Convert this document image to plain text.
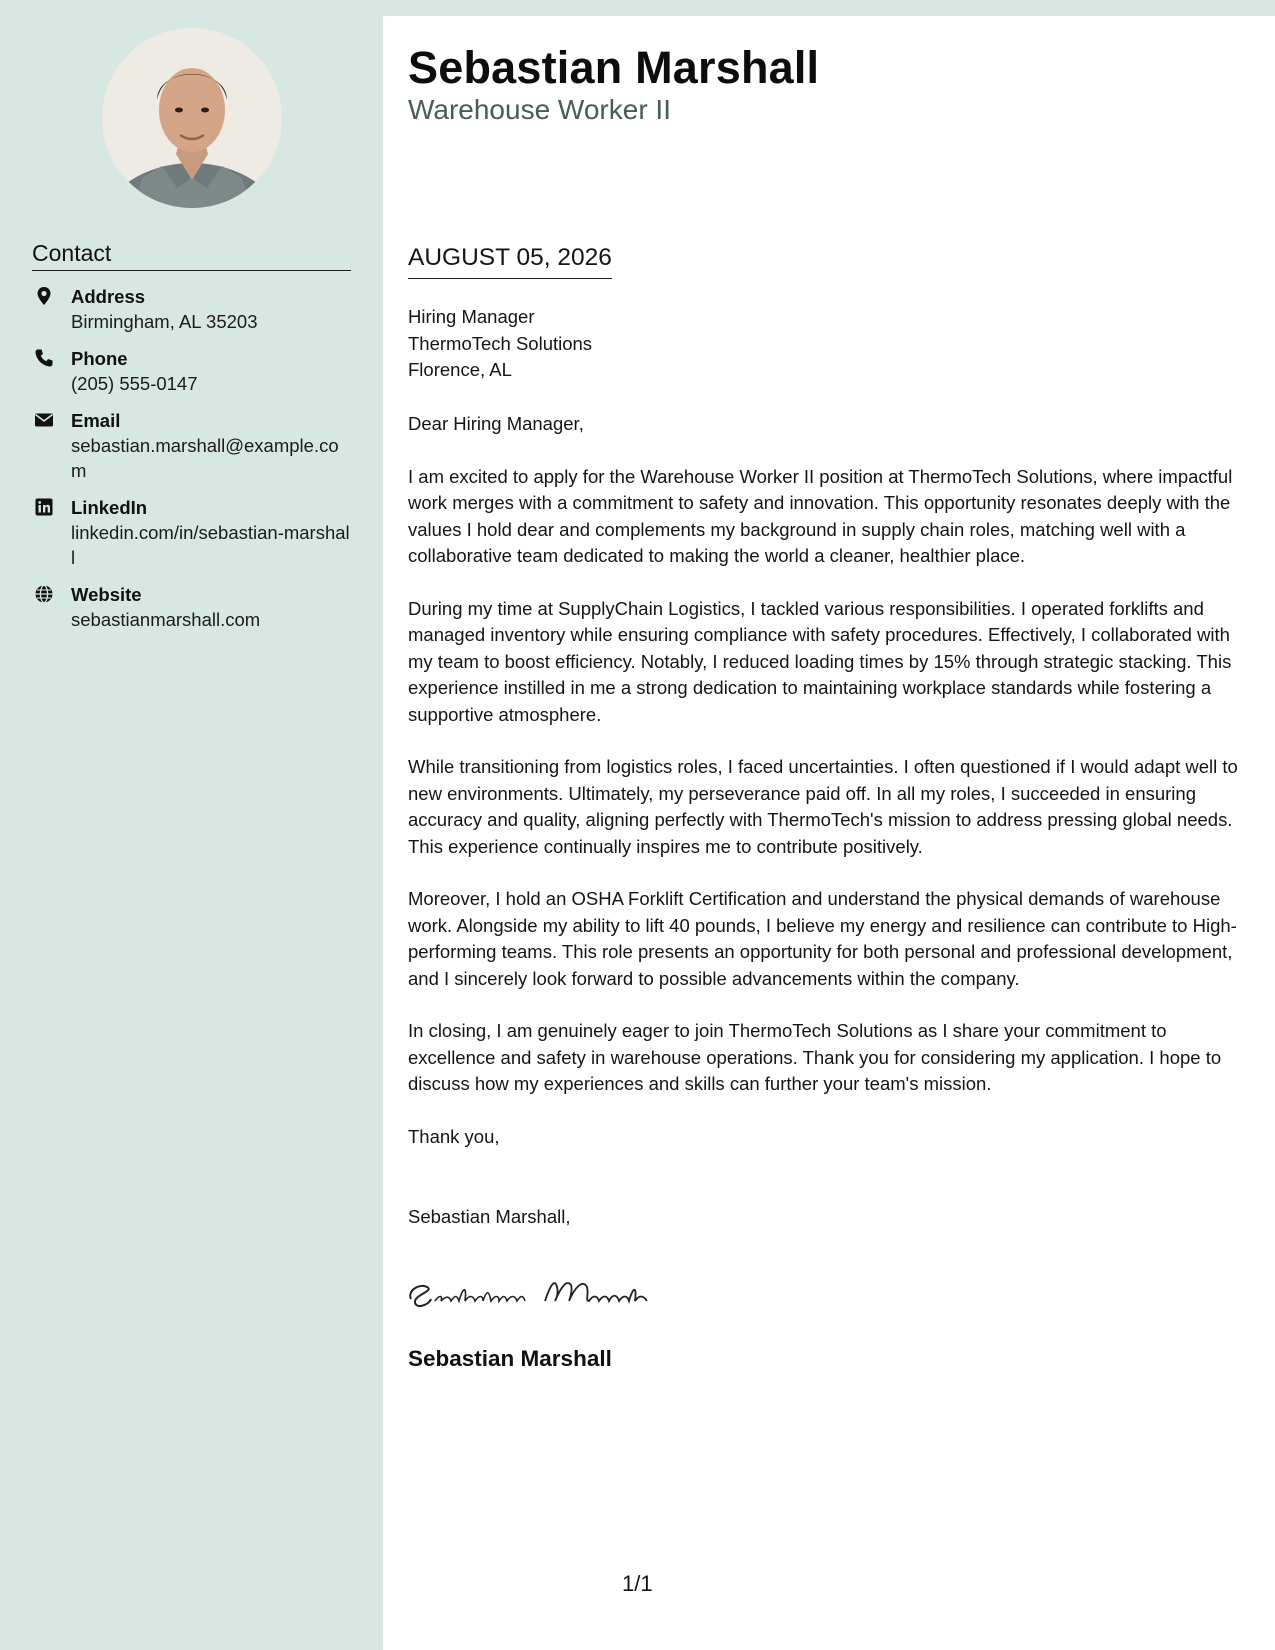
Contact
Address
Birmingham, AL 35203
Phone
(205) 555-0147
Email
sebastian.marshall@example.com
LinkedIn
linkedin.com/in/sebastian-marshall
Website
sebastianmarshall.com
Sebastian Marshall
Warehouse Worker II
AUGUST 05, 2026
Hiring Manager
ThermoTech Solutions
Florence, AL

Dear Hiring Manager,

I am excited to apply for the Warehouse Worker II position at ThermoTech Solutions, where impactful work merges with a commitment to safety and innovation. This opportunity resonates deeply with the values I hold dear and complements my background in supply chain roles, matching well with a collaborative team dedicated to making the world a cleaner, healthier place.

During my time at SupplyChain Logistics, I tackled various responsibilities. I operated forklifts and managed inventory while ensuring compliance with safety procedures. Effectively, I collaborated with my team to boost efficiency. Notably, I reduced loading times by 15% through strategic stacking. This experience instilled in me a strong dedication to maintaining workplace standards while fostering a supportive atmosphere.

While transitioning from logistics roles, I faced uncertainties. I often questioned if I would adapt well to new environments. Ultimately, my perseverance paid off. In all my roles, I succeeded in ensuring accuracy and quality, aligning perfectly with ThermoTech's mission to address pressing global needs. This experience continually inspires me to contribute positively.

Moreover, I hold an OSHA Forklift Certification and understand the physical demands of warehouse work. Alongside my ability to lift 40 pounds, I believe my energy and resilience can contribute to High-performing teams. This role presents an opportunity for both personal and professional development, and I sincerely look forward to possible advancements within the company.

In closing, I am genuinely eager to join ThermoTech Solutions as I share your commitment to excellence and safety in warehouse operations. Thank you for considering my application. I hope to discuss how my experiences and skills can further your team's mission.

Thank you,
Sebastian Marshall,
Sebastian Marshall
1/1
